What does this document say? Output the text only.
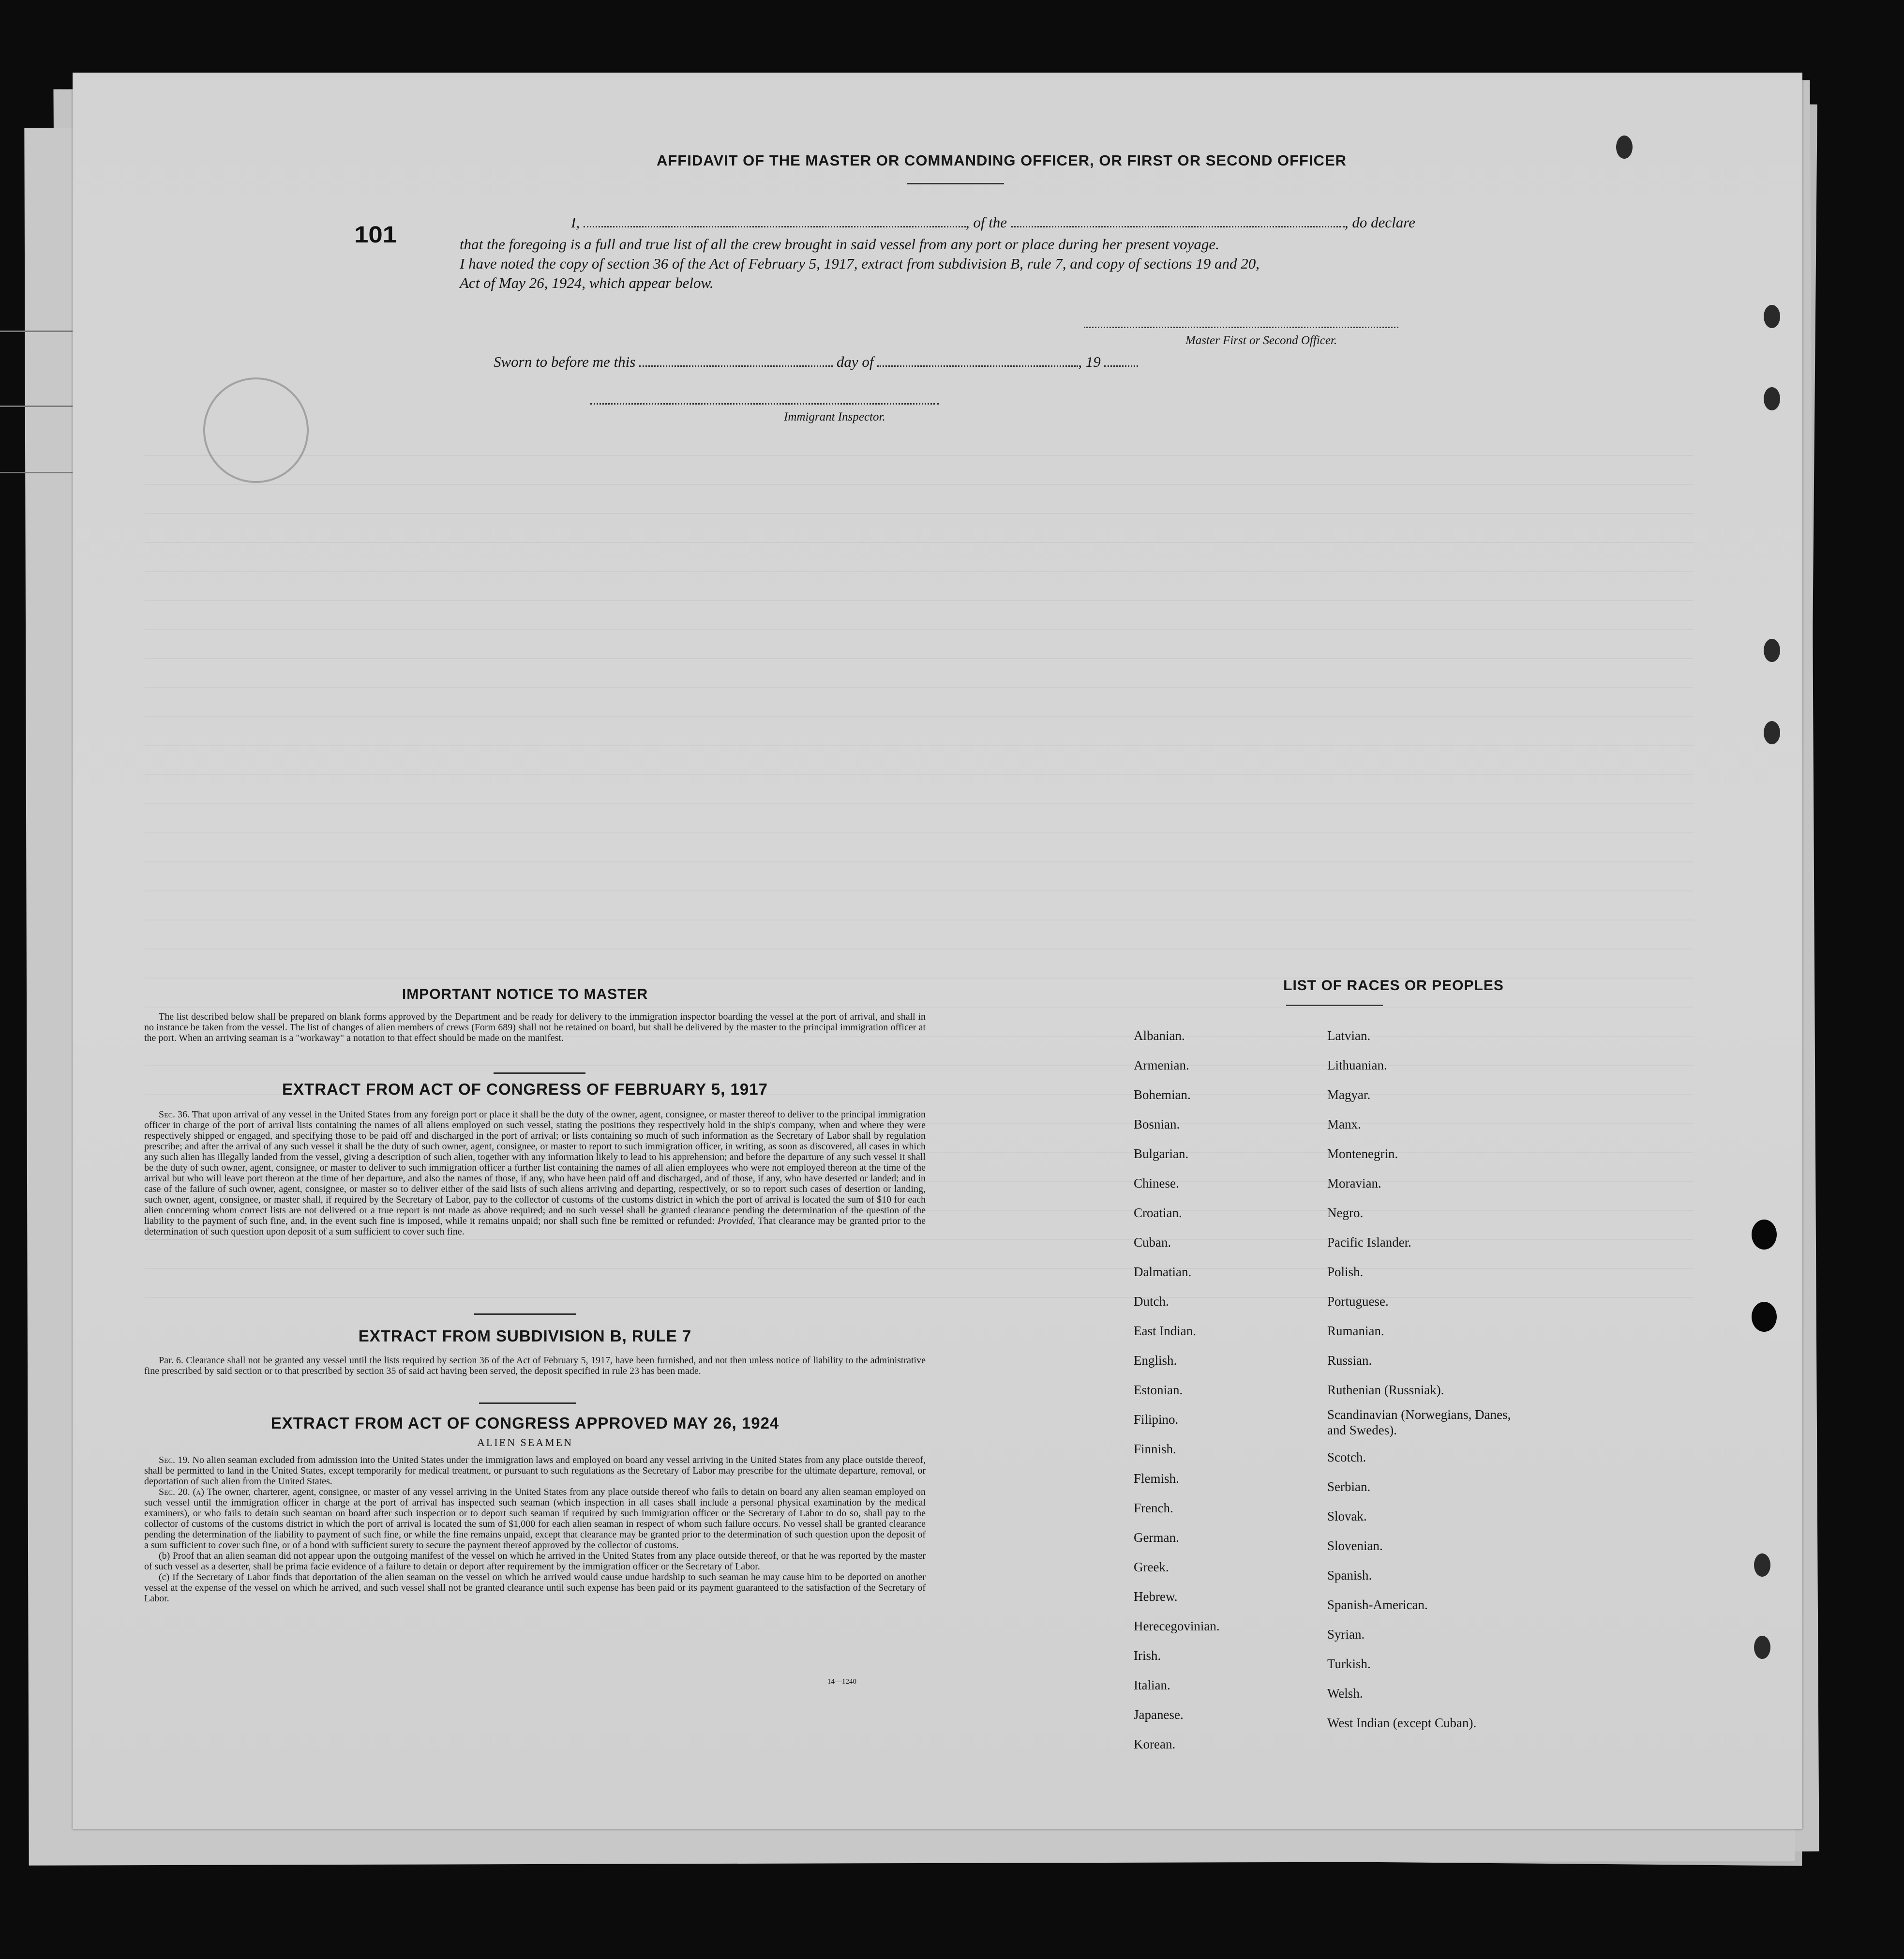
101
AFFIDAVIT OF THE MASTER OR COMMANDING OFFICER, OR FIRST OR SECOND OFFICER
I,	, of the	, do declare
that the foregoing is a full and true list of all the crew brought in said vessel from any port or place during her present voyage.
I have noted the copy of section 36 of the Act of February 5, 1917, extract from subdivision B, rule 7, and copy of sections 19 and 20,
Act of May 26, 1924, which appear below.
Master First or Second Officer.
Sworn to before me this	day of	, 19
Immigrant Inspector.
IMPORTANT NOTICE TO MASTER
The list described below shall be prepared on blank forms approved by the Department and be ready for delivery to the immigration inspector boarding the vessel at the port of arrival, and shall in no instance be taken from the vessel. The list of changes of alien members of crews (Form 689) shall not be retained on board, but shall be delivered by the master to the principal immigration officer at the port. When an arriving seaman is a "workaway" a notation to that effect should be made on the manifest.
EXTRACT FROM ACT OF CONGRESS OF FEBRUARY 5, 1917
Sec. 36. That upon arrival of any vessel in the United States from any foreign port or place it shall be the duty of the owner, agent, consignee, or master thereof to deliver to the principal immigration officer in charge of the port of arrival lists containing the names of all aliens employed on such vessel, stating the positions they respectively hold in the ship's company, when and where they were respectively shipped or engaged, and specifying those to be paid off and discharged in the port of arrival; or lists containing so much of such information as the Secretary of Labor shall by regulation prescribe; and after the arrival of any such vessel it shall be the duty of such owner, agent, consignee, or master to report to such immigration officer, in writing, as soon as discovered, all cases in which any such alien has illegally landed from the vessel, giving a description of such alien, together with any information likely to lead to his apprehension; and before the departure of any such vessel it shall be the duty of such owner, agent, consignee, or master to deliver to such immigration officer a further list containing the names of all alien employees who were not employed thereon at the time of the arrival but who will leave port thereon at the time of her departure, and also the names of those, if any, who have been paid off and discharged, and of those, if any, who have deserted or landed; and in case of the failure of such owner, agent, consignee, or master so to deliver either of the said lists of such aliens arriving and departing, respectively, or so to report such cases of desertion or landing, such owner, agent, consignee, or master shall, if required by the Secretary of Labor, pay to the collector of customs of the customs district in which the port of arrival is located the sum of $10 for each alien concerning whom correct lists are not delivered or a true report is not made as above required; and no such vessel shall be granted clearance pending the determination of the question of the liability to the payment of such fine, and, in the event such fine is imposed, while it remains unpaid; nor shall such fine be remitted or refunded: Provided, That clearance may be granted prior to the determination of such question upon deposit of a sum sufficient to cover such fine.
EXTRACT FROM SUBDIVISION B, RULE 7
Par. 6. Clearance shall not be granted any vessel until the lists required by section 36 of the Act of February 5, 1917, have been furnished, and not then unless notice of liability to the administrative fine prescribed by said section or to that prescribed by section 35 of said act having been served, the deposit specified in rule 23 has been made.
EXTRACT FROM ACT OF CONGRESS APPROVED MAY 26, 1924
ALIEN SEAMEN
Sec. 19. No alien seaman excluded from admission into the United States under the immigration laws and employed on board any vessel arriving in the United States from any place outside thereof, shall be permitted to land in the United States, except temporarily for medical treatment, or pursuant to such regulations as the Secretary of Labor may prescribe for the ultimate departure, removal, or deportation of such alien from the United States.
Sec. 20. (a) The owner, charterer, agent, consignee, or master of any vessel arriving in the United States from any place outside thereof who fails to detain on board any alien seaman employed on such vessel until the immigration officer in charge at the port of arrival has inspected such seaman (which inspection in all cases shall include a personal physical examination by the medical examiners), or who fails to detain such seaman on board after such inspection or to deport such seaman if required by such immigration officer or the Secretary of Labor to do so, shall pay to the collector of customs of the customs district in which the port of arrival is located the sum of $1,000 for each alien seaman in respect of whom such failure occurs. No vessel shall be granted clearance pending the determination of the liability to payment of such fine, or while the fine remains unpaid, except that clearance may be granted prior to the determination of such question upon the deposit of a sum sufficient to cover such fine, or of a bond with sufficient surety to secure the payment thereof approved by the collector of customs.
(b) Proof that an alien seaman did not appear upon the outgoing manifest of the vessel on which he arrived in the United States from any place outside thereof, or that he was reported by the master of such vessel as a deserter, shall be prima facie evidence of a failure to detain or deport after requirement by the immigration officer or the Secretary of Labor.
(c) If the Secretary of Labor finds that deportation of the alien seaman on the vessel on which he arrived would cause undue hardship to such seaman he may cause him to be deported on another vessel at the expense of the vessel on which he arrived, and such vessel shall not be granted clearance until such expense has been paid or its payment guaranteed to the satisfaction of the Secretary of Labor.
14—1240
LIST OF RACES OR PEOPLES
Albanian.
Armenian.
Bohemian.
Bosnian.
Bulgarian.
Chinese.
Croatian.
Cuban.
Dalmatian.
Dutch.
East Indian.
English.
Estonian.
Filipino.
Finnish.
Flemish.
French.
German.
Greek.
Hebrew.
Herecegovinian.
Irish.
Italian.
Japanese.
Korean.
Latvian.
Lithuanian.
Magyar.
Manx.
Montenegrin.
Moravian.
Negro.
Pacific Islander.
Polish.
Portuguese.
Rumanian.
Russian.
Ruthenian (Russniak).
Scandinavian (Norwegians, Danes, and Swedes).
Scotch.
Serbian.
Slovak.
Slovenian.
Spanish.
Spanish-American.
Syrian.
Turkish.
Welsh.
West Indian (except Cuban).
